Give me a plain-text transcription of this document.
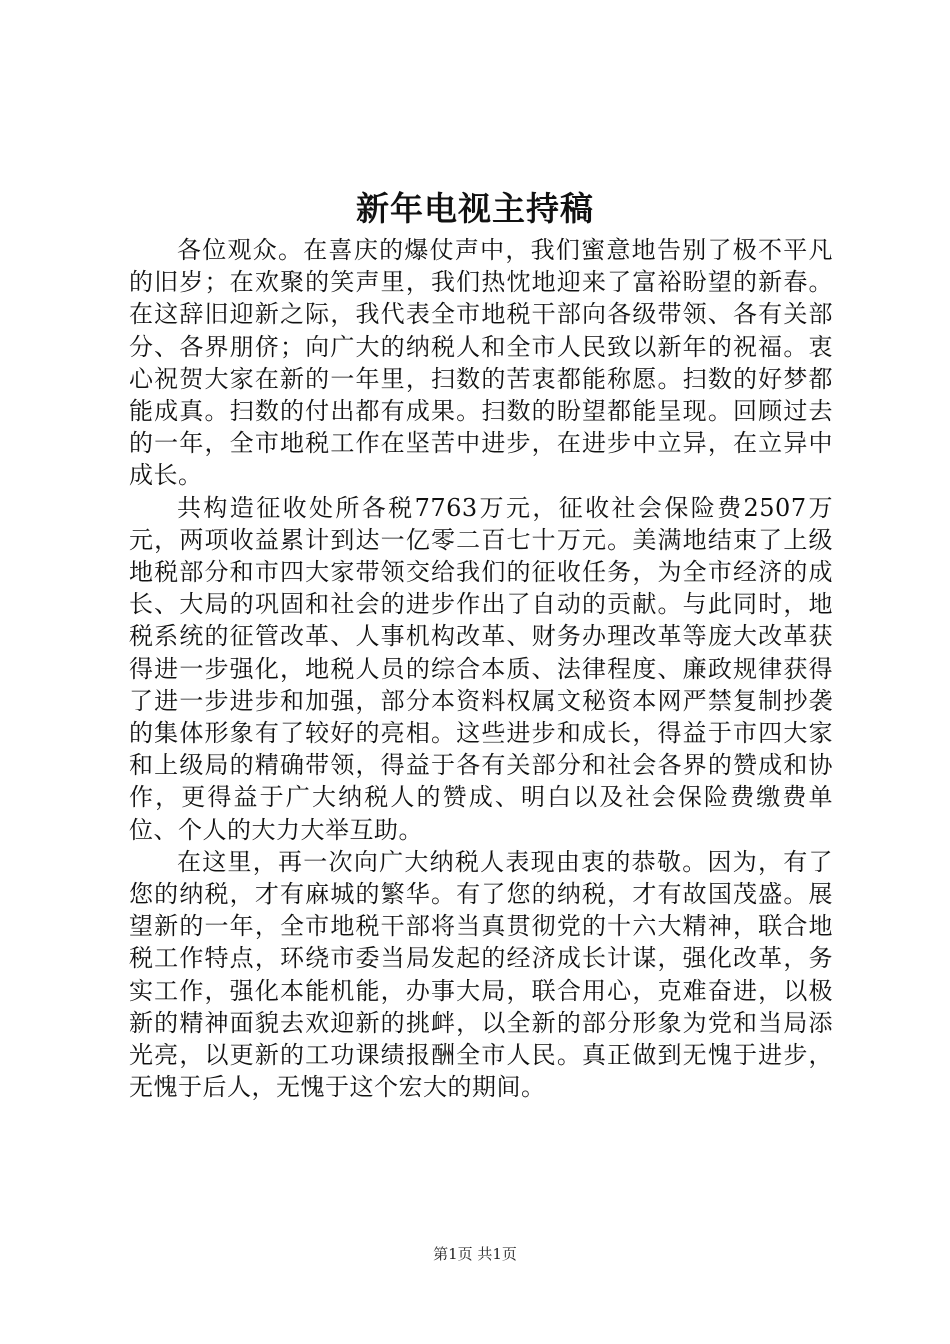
新年电视主持稿

各位观众。在喜庆的爆仗声中，我们蜜意地告别了极不平凡的旧岁；在欢聚的笑声里，我们热忱地迎来了富裕盼望的新春。在这辞旧迎新之际，我代表全市地税干部向各级带领、各有关部分、各界朋侪；向广大的纳税人和全市人民致以新年的祝福。衷心祝贺大家在新的一年里，扫数的苦衷都能称愿。扫数的好梦都能成真。扫数的付出都有成果。扫数的盼望都能呈现。回顾过去的一年，全市地税工作在坚苦中进步，在进步中立异，在立异中成长。

共构造征收处所各税7763万元，征收社会保险费2507万元，两项收益累计到达一亿零二百七十万元。美满地结束了上级地税部分和市四大家带领交给我们的征收任务，为全市经济的成长、大局的巩固和社会的进步作出了自动的贡献。与此同时，地税系统的征管改革、人事机构改革、财务办理改革等庞大改革获得进一步强化，地税人员的综合本质、法律程度、廉政规律获得了进一步进步和加强，部分本资料权属文秘资本网严禁复制抄袭的集体形象有了较好的亮相。这些进步和成长，得益于市四大家和上级局的精确带领，得益于各有关部分和社会各界的赞成和协作，更得益于广大纳税人的赞成、明白以及社会保险费缴费单位、个人的大力大举互助。

在这里，再一次向广大纳税人表现由衷的恭敬。因为，有了您的纳税，才有麻城的繁华。有了您的纳税，才有故国茂盛。展望新的一年，全市地税干部将当真贯彻党的十六大精神，联合地税工作特点，环绕市委当局发起的经济成长计谋，强化改革，务实工作，强化本能机能，办事大局，联合用心，克难奋进，以极新的精神面貌去欢迎新的挑衅，以全新的部分形象为党和当局添光亮，以更新的工功课绩报酬全市人民。真正做到无愧于进步，无愧于后人，无愧于这个宏大的期间。

第1页 共1页
